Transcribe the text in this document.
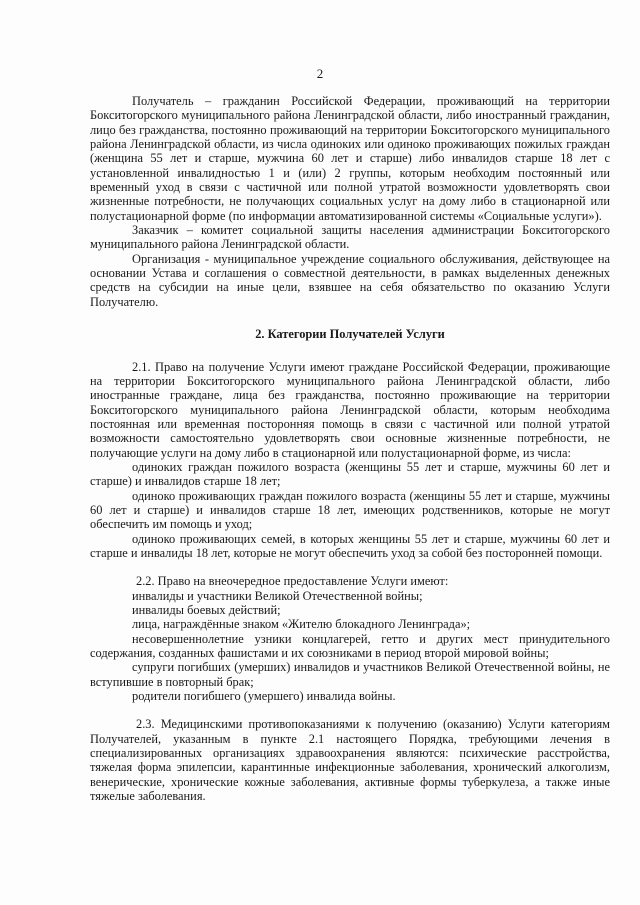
2

Получатель – гражданин Российской Федерации, проживающий на территории Бокситогорского муниципального района Ленинградской области, либо иностранный гражданин, лицо без гражданства, постоянно проживающий на территории Бокситогорского муниципального района Ленинградской области, из числа одиноких или одиноко проживающих пожилых граждан (женщина 55 лет и старше, мужчина 60 лет и старше) либо инвалидов старше 18 лет с установленной инвалидностью 1 и (или) 2 группы, которым необходим постоянный или временный уход в связи с частичной или полной утратой возможности удовлетворять свои жизненные потребности, не получающих социальных услуг на дому либо в стационарной или полустационарной форме (по информации автоматизированной системы «Социальные услуги»).

Заказчик – комитет социальной защиты населения администрации Бокситогорского муниципального района Ленинградской области.

Организация - муниципальное учреждение социального обслуживания, действующее на основании Устава и соглашения о совместной деятельности, в рамках выделенных денежных средств на субсидии на иные цели, взявшее на себя обязательство по оказанию Услуги Получателю.

2. Категории Получателей Услуги

2.1. Право на получение Услуги имеют граждане Российской Федерации, проживающие на территории Бокситогорского муниципального района Ленинградской области, либо иностранные граждане, лица без гражданства, постоянно проживающие на территории Бокситогорского муниципального района Ленинградской области, которым необходима постоянная или временная посторонняя помощь в связи с частичной или полной утратой возможности самостоятельно удовлетворять свои основные жизненные потребности, не получающие услуги на дому либо в стационарной или полустационарной форме, из числа:

одиноких граждан пожилого возраста (женщины 55 лет и старше, мужчины 60 лет и старше) и инвалидов старше 18 лет;

одиноко проживающих граждан пожилого возраста (женщины 55 лет и старше, мужчины 60 лет и старше) и инвалидов старше 18 лет, имеющих родственников, которые не могут обеспечить им помощь и уход;

одиноко проживающих семей, в которых женщины 55 лет и старше, мужчины 60 лет и старше и инвалиды 18 лет, которые не могут обеспечить уход за собой без посторонней помощи.

2.2. Право на внеочередное предоставление Услуги имеют:

инвалиды и участники Великой Отечественной войны;

инвалиды боевых действий;

лица, награждённые знаком «Жителю блокадного Ленинграда»;

несовершеннолетние узники концлагерей, гетто и других мест принудительного содержания, созданных фашистами и их союзниками в период второй мировой войны;

супруги погибших (умерших) инвалидов и участников Великой Отечественной войны, не вступившие в повторный брак;

родители погибшего (умершего) инвалида войны.

2.3. Медицинскими противопоказаниями к получению (оказанию) Услуги категориям Получателей, указанным в пункте 2.1 настоящего Порядка, требующими лечения в специализированных организациях здравоохранения являются: психические расстройства, тяжелая форма эпилепсии, карантинные инфекционные заболевания, хронический алкоголизм, венерические, хронические кожные заболевания, активные формы туберкулеза, а также иные тяжелые заболевания.
